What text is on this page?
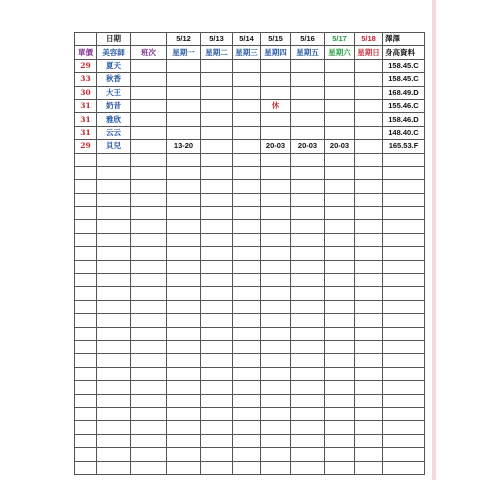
	日期		5/12	5/13	5/14	5/15	5/16	5/17	5/18	澤澤
單價	美容師	班次	星期一	星期二	星期三	星期四	星期五	星期六	星期日	身高資料
29	夏天									158.45.C
33	秋香									158.45.C
30	大王									168.49.D
31	奶昔					休				155.46.C
31	雅欣									158.46.D
31	云云									148.40.C
29	貝兒		13-20			20-03	20-03	20-03		165.53.F
